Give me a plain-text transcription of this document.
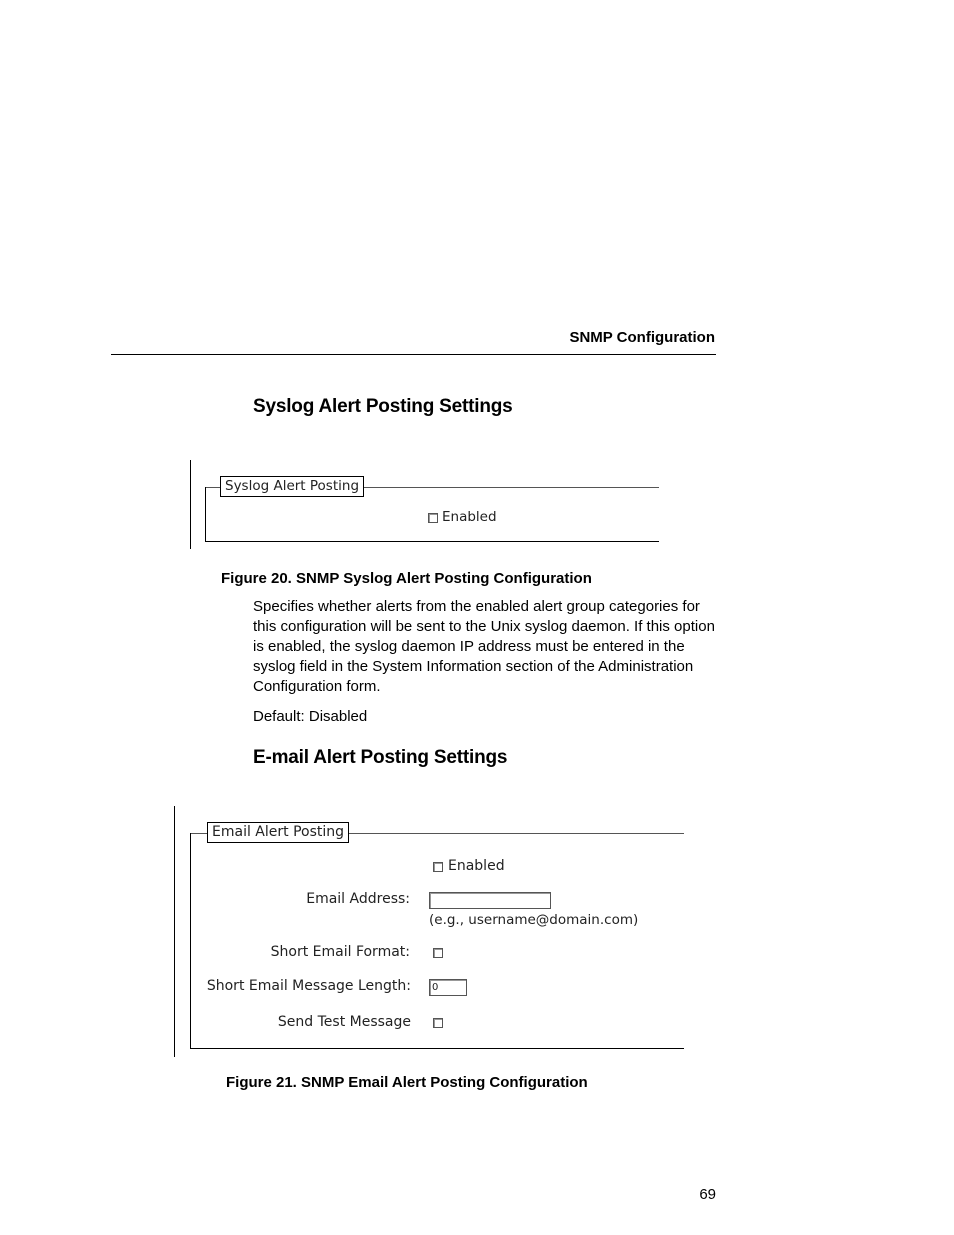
SNMP Configuration
Syslog Alert Posting Settings
Syslog Alert Posting
Enabled
Figure 20. SNMP Syslog Alert Posting Configuration
Specifies whether alerts from the enabled alert group categories for this configuration will be sent to the Unix syslog daemon. If this option is enabled, the syslog daemon IP address must be entered in the syslog field in the System Information section of the Administration Configuration form.
Default: Disabled
E-mail Alert Posting Settings
Email Alert Posting
Enabled
Email Address:
(e.g., username@domain.com)
Short Email Format:
Short Email Message Length:	0
Send Test Message
Figure 21. SNMP Email Alert Posting Configuration
69
